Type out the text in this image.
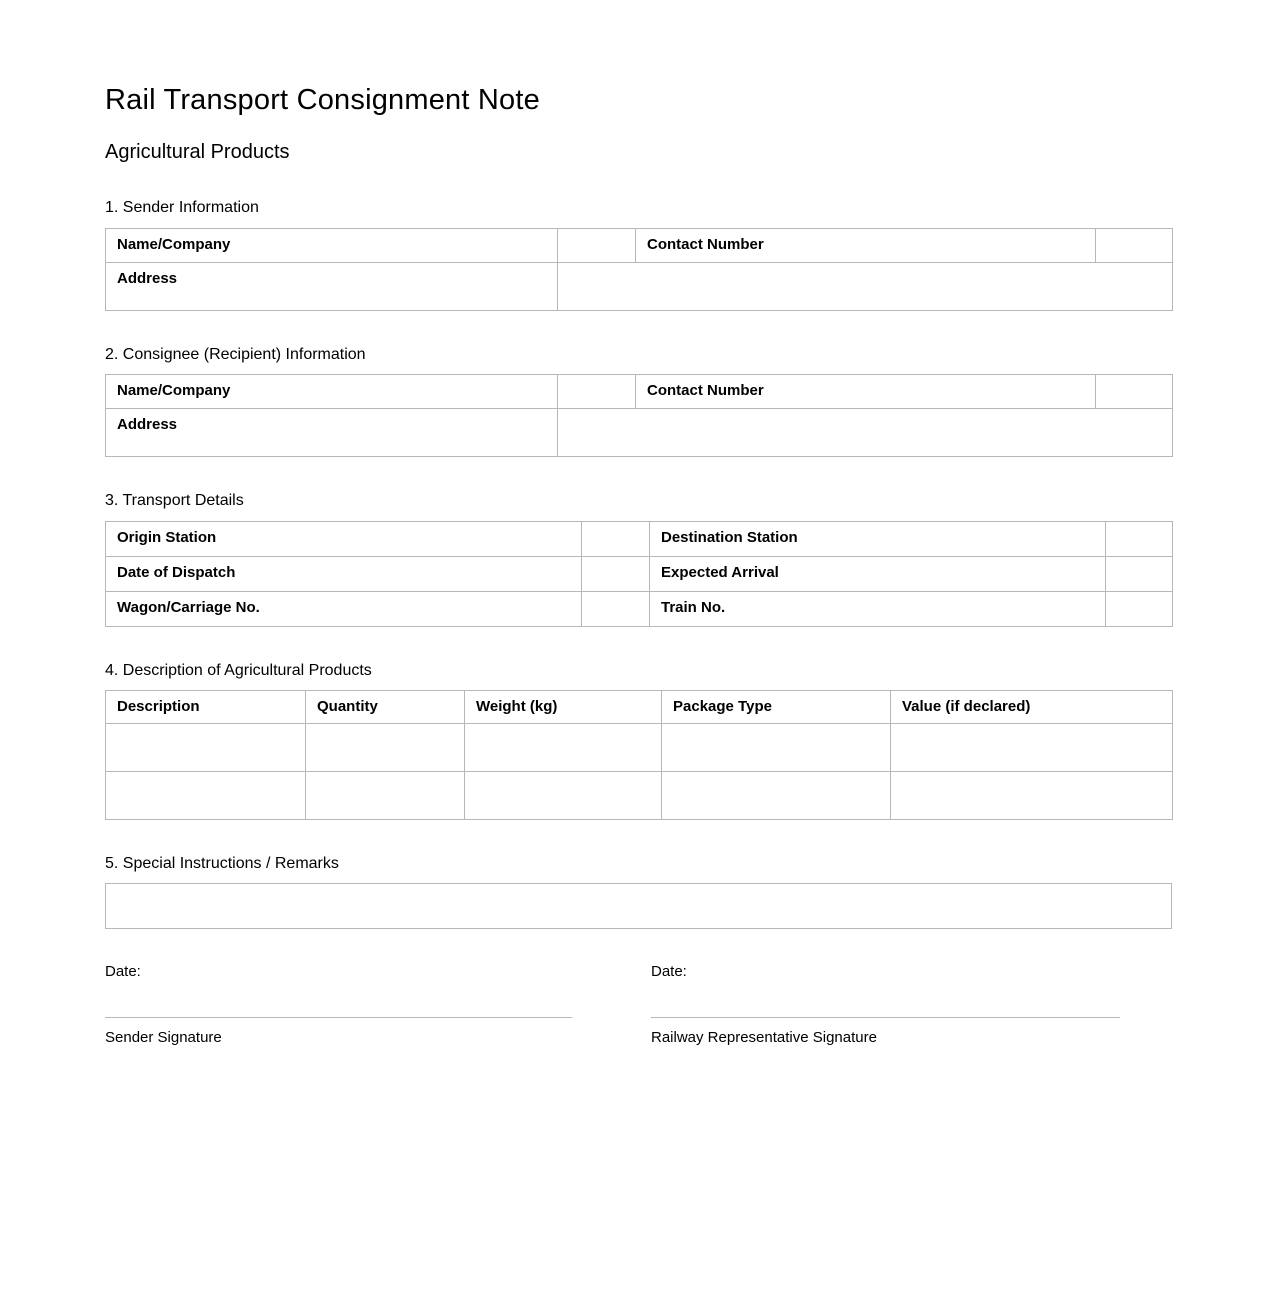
Rail Transport Consignment Note
Agricultural Products
1. Sender Information
Name/Company		Contact Number	
Address			
2. Consignee (Recipient) Information
Name/Company		Contact Number	
Address			
3. Transport Details
Origin Station		Destination Station	
Date of Dispatch		Expected Arrival	
Wagon/Carriage No.		Train No.	
4. Description of Agricultural Products
Description	Quantity	Weight (kg)	Package Type	Value (if declared)

5. Special Instructions / Remarks
Date:
Sender Signature
Date:
Railway Representative Signature
